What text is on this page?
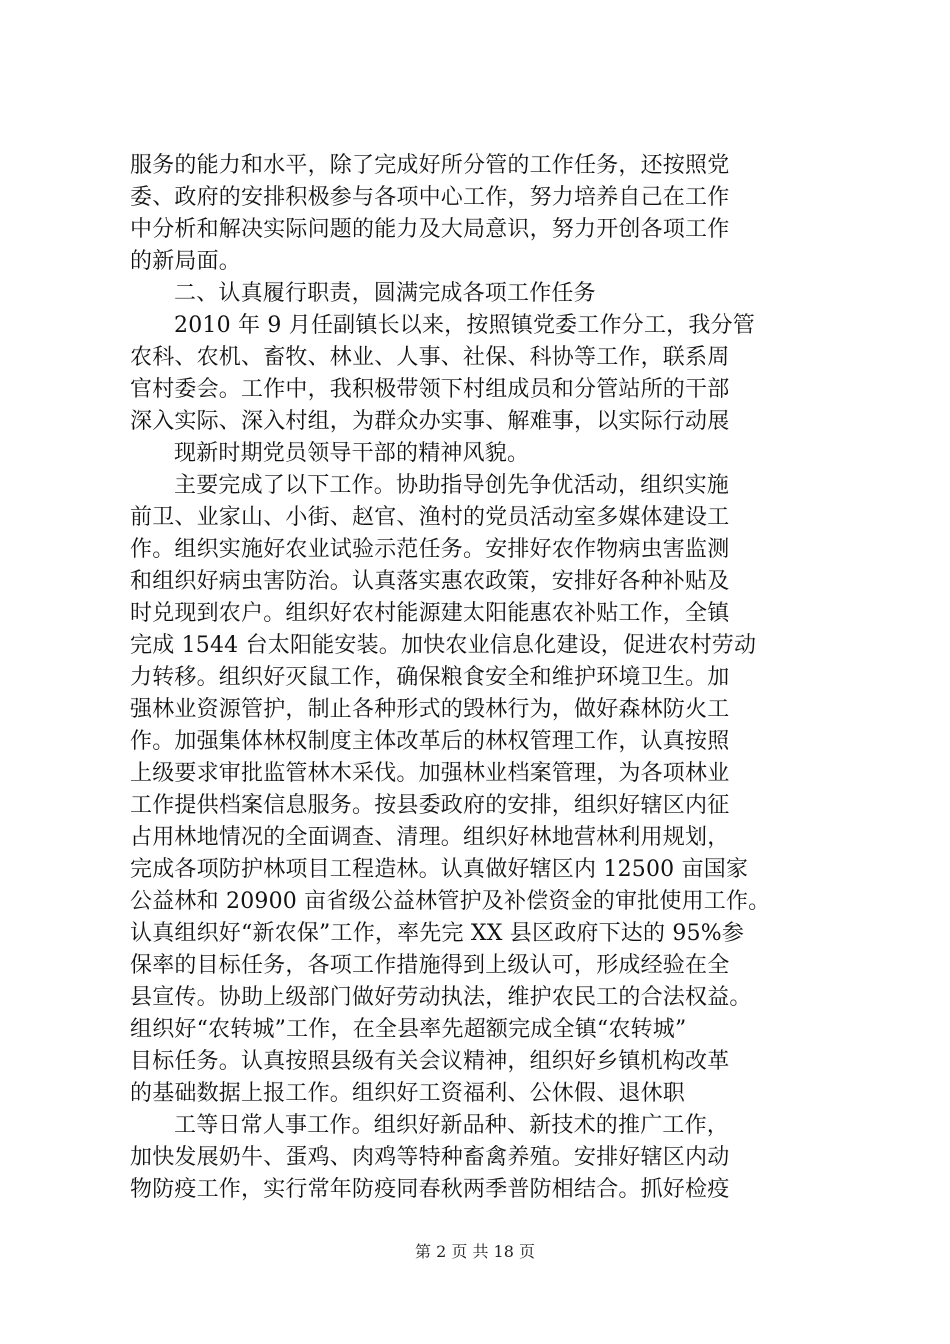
服务的能力和水平，除了完成好所分管的工作任务，还按照党
委、政府的安排积极参与各项中心工作，努力培养自己在工作
中分析和解决实际问题的能力及大局意识，努力开创各项工作
的新局面。
二、认真履行职责，圆满完成各项工作任务
2010 年 9 月任副镇长以来，按照镇党委工作分工，我分管
农科、农机、畜牧、林业、人事、社保、科协等工作，联系周
官村委会。工作中，我积极带领下村组成员和分管站所的干部
深入实际、深入村组，为群众办实事、解难事，以实际行动展
现新时期党员领导干部的精神风貌。
主要完成了以下工作。协助指导创先争优活动，组织实施
前卫、业家山、小街、赵官、渔村的党员活动室多媒体建设工
作。组织实施好农业试验示范任务。安排好农作物病虫害监测
和组织好病虫害防治。认真落实惠农政策，安排好各种补贴及
时兑现到农户。组织好农村能源建太阳能惠农补贴工作，全镇
完成 1544 台太阳能安装。加快农业信息化建设，促进农村劳动
力转移。组织好灭鼠工作，确保粮食安全和维护环境卫生。加
强林业资源管护，制止各种形式的毁林行为，做好森林防火工
作。加强集体林权制度主体改革后的林权管理工作，认真按照
上级要求审批监管林木采伐。加强林业档案管理，为各项林业
工作提供档案信息服务。按县委政府的安排，组织好辖区内征
占用林地情况的全面调查、清理。组织好林地营林利用规划，
完成各项防护林项目工程造林。认真做好辖区内 12500 亩国家
公益林和 20900 亩省级公益林管护及补偿资金的审批使用工作。
认真组织好“新农保”工作，率先完 XX 县区政府下达的 95%参
保率的目标任务，各项工作措施得到上级认可，形成经验在全
县宣传。协助上级部门做好劳动执法，维护农民工的合法权益。
组织好“农转城”工作，在全县率先超额完成全镇“农转城”
目标任务。认真按照县级有关会议精神，组织好乡镇机构改革
的基础数据上报工作。组织好工资福利、公休假、退休职
工等日常人事工作。组织好新品种、新技术的推广工作，
加快发展奶牛、蛋鸡、肉鸡等特种畜禽养殖。安排好辖区内动
物防疫工作，实行常年防疫同春秋两季普防相结合。抓好检疫
第 2 页 共 18 页
